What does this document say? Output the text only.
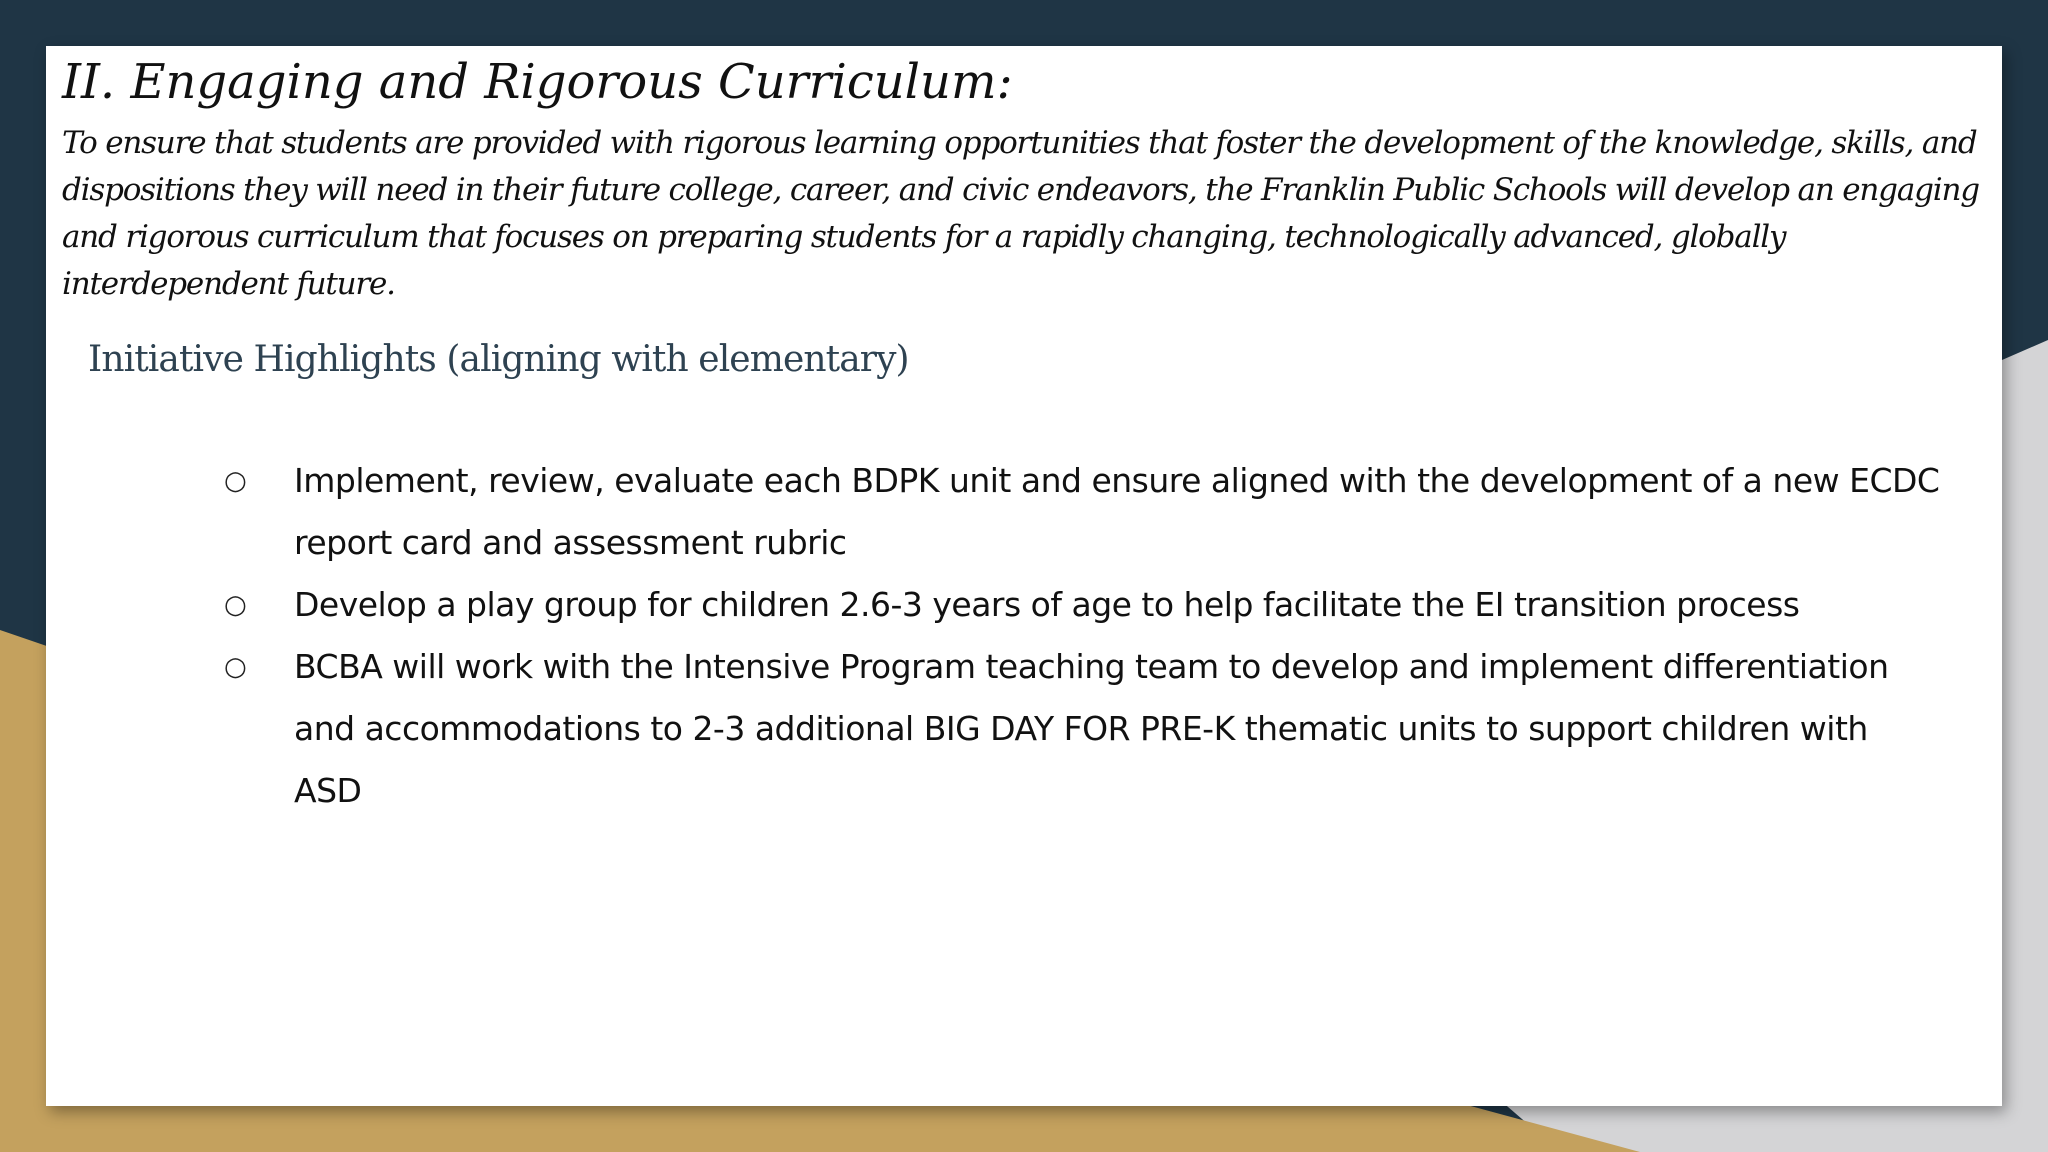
II. Engaging and Rigorous Curriculum:

To ensure that students are provided with rigorous learning opportunities that foster the development of the knowledge, skills, and dispositions they will need in their future college, career, and civic endeavors, the Franklin Public Schools will develop an engaging and rigorous curriculum that focuses on preparing students for a rapidly changing, technologically advanced, globally interdependent future.

Initiative Highlights (aligning with elementary)
○ Implement, review, evaluate each BDPK unit and ensure aligned with the development of a new ECDC report card and assessment rubric
○ Develop a play group for children 2.6-3 years of age to help facilitate the EI transition process
○ BCBA will work with the Intensive Program teaching team to develop and implement differentiation and accommodations to 2-3 additional BIG DAY FOR PRE-K thematic units to support children with ASD
